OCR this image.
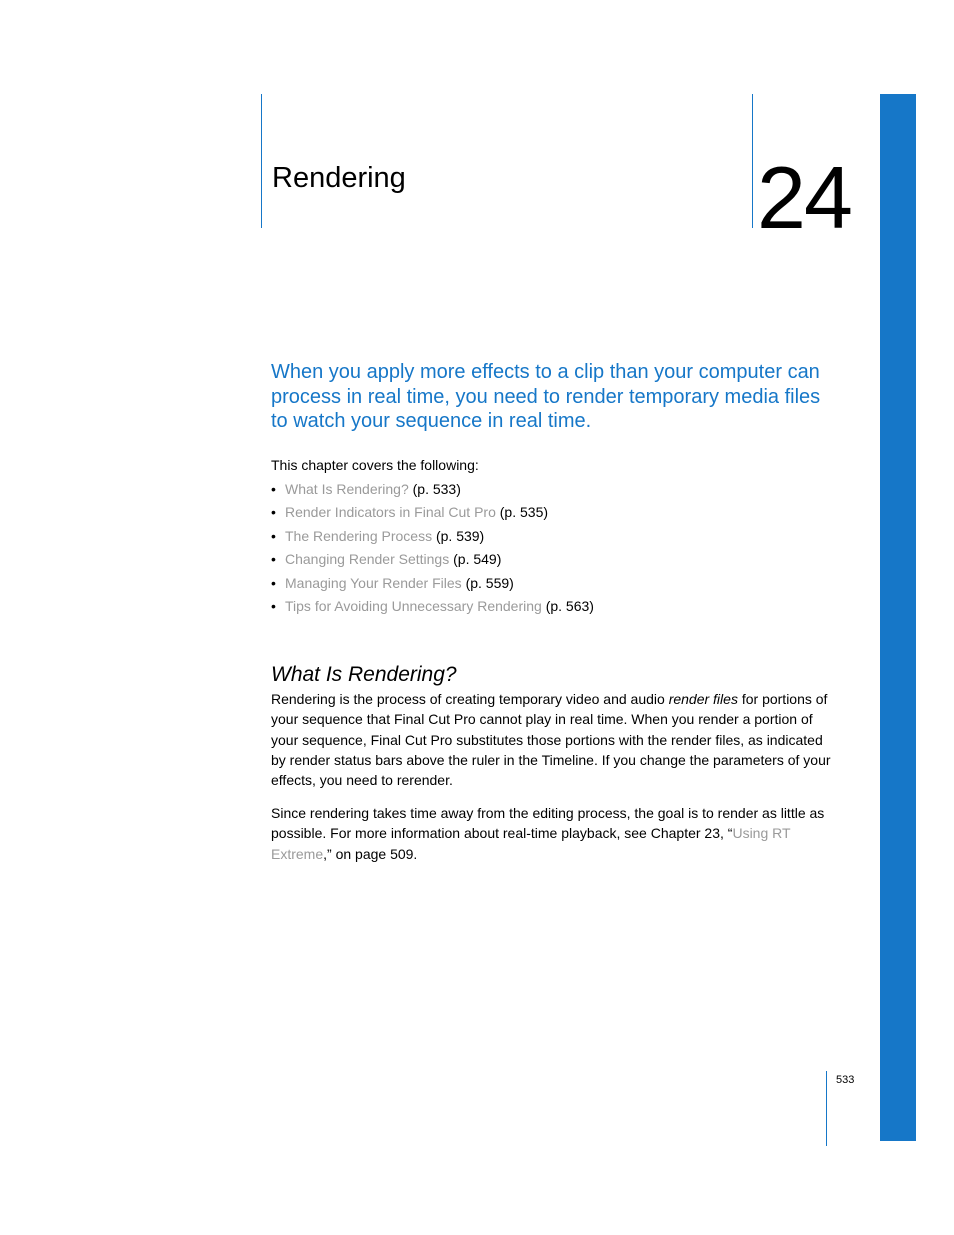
Rendering	24

When you apply more effects to a clip than your computer can process in real time, you need to render temporary media files to watch your sequence in real time.

This chapter covers the following:
• What Is Rendering? (p. 533)
• Render Indicators in Final Cut Pro (p. 535)
• The Rendering Process (p. 539)
• Changing Render Settings (p. 549)
• Managing Your Render Files (p. 559)
• Tips for Avoiding Unnecessary Rendering (p. 563)
What Is Rendering?

Rendering is the process of creating temporary video and audio render files for portions of your sequence that Final Cut Pro cannot play in real time. When you render a portion of your sequence, Final Cut Pro substitutes those portions with the render files, as indicated by render status bars above the ruler in the Timeline. If you change the parameters of your effects, you need to rerender.

Since rendering takes time away from the editing process, the goal is to render as little as possible. For more information about real-time playback, see Chapter 23, “Using RT Extreme,” on page 509.

533
